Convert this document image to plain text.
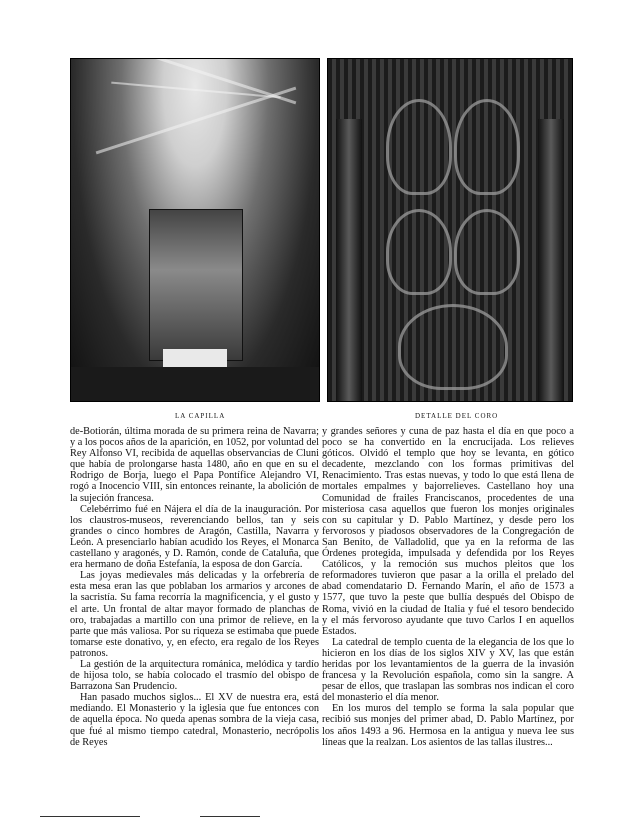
LA CAPILLA	DETALLE DEL CORO

de-Botiorán, última morada de su primera reina de Navarra; y a los pocos años de la aparición, en 1052, por voluntad del Rey Alfonso VI, recibida de aquellas observancias de Cluni que había de prolongarse hasta 1480, año en que en su el Rodrigo de Borja, luego el Papa Pontífice Alejandro VI, rogó a Inocencio VIII, sin entonces reinante, la abolición de la sujeción francesa.

Celebérrimo fué en Nájera el día de la inauguración. Por los claustros-museos, reverenciando bellos, tan y seis grandes o cinco hombres de Aragón, Castilla, Navarra y León. A presenciarlo habían acudido los Reyes, el Monarca castellano y aragonés, y D. Ramón, conde de Cataluña, que era hermano de doña Estefanía, la esposa de don García.

Las joyas medievales más delicadas y la orfebrería de esta mesa eran las que poblaban los armarios y arcones de la sacristía. Su fama recorría la magnificencia, y el gusto y el arte. Un frontal de altar mayor formado de planchas de oro, trabajadas a martillo con una primor de relieve, en la parte que más valiosa. Por su riqueza se estimaba que puede tomarse este donativo, y, en efecto, era regalo de los Reyes patronos.

La gestión de la arquitectura románica, melódica y tardío de hijosa tolo, se había colocado el trasmío del obispo de Barrazona San Prudencio.

Han pasado muchos siglos... El XV de nuestra era, está mediando. El Monasterio y la iglesia que fue entonces con de aquella época. No queda apenas sombra de la vieja casa, que fué al mismo tiempo catedral, Monasterio, necrópolis de Reyes

y grandes señores y cuna de paz hasta el día en que poco a poco se ha convertido en la encrucijada. Los relieves góticos. Olvidó el templo que hoy se levanta, en gótico decadente, mezclando con los formas primitivas del Renacimiento. Tras estas nuevas, y todo lo que está llena de mortales empalmes y bajorrelieves. Castellano hoy una Comunidad de frailes Franciscanos, procedentes de una misteriosa casa aquellos que fueron los monjes originales con su capitular y D. Pablo Martínez, y desde pero los fervorosos y piadosos observadores de la Congregación de San Benito, de Valladolid, que ya en la reforma de las Órdenes protegida, impulsada y defendida por los Reyes Católicos, y la remoción sus muchos pleitos que los reformadores tuvieron que pasar a la orilla el prelado del abad comendatario D. Fernando Marín, el año de 1573 a 1577, que tuvo la peste que bullía después del Obispo de Roma, vivió en la ciudad de Italia y fué el tesoro bendecido y el más fervoroso ayudante que tuvo Carlos I en aquellos Estados.

La catedral de templo cuenta de la elegancia de los que lo hicieron en los días de los siglos XIV y XV, las que están heridas por los levantamientos de la guerra de la invasión francesa y la Revolución española, como sin la sangre. A pesar de ellos, que traslapan las sombras nos indican el coro del monasterio el día menor.

En los muros del templo se forma la sala popular que recibió sus monjes del primer abad, D. Pablo Martínez, por los años 1493 a 96. Hermosa en la antigua y nueva lee sus líneas que la realzan. Los asientos de las tallas ilustres...
